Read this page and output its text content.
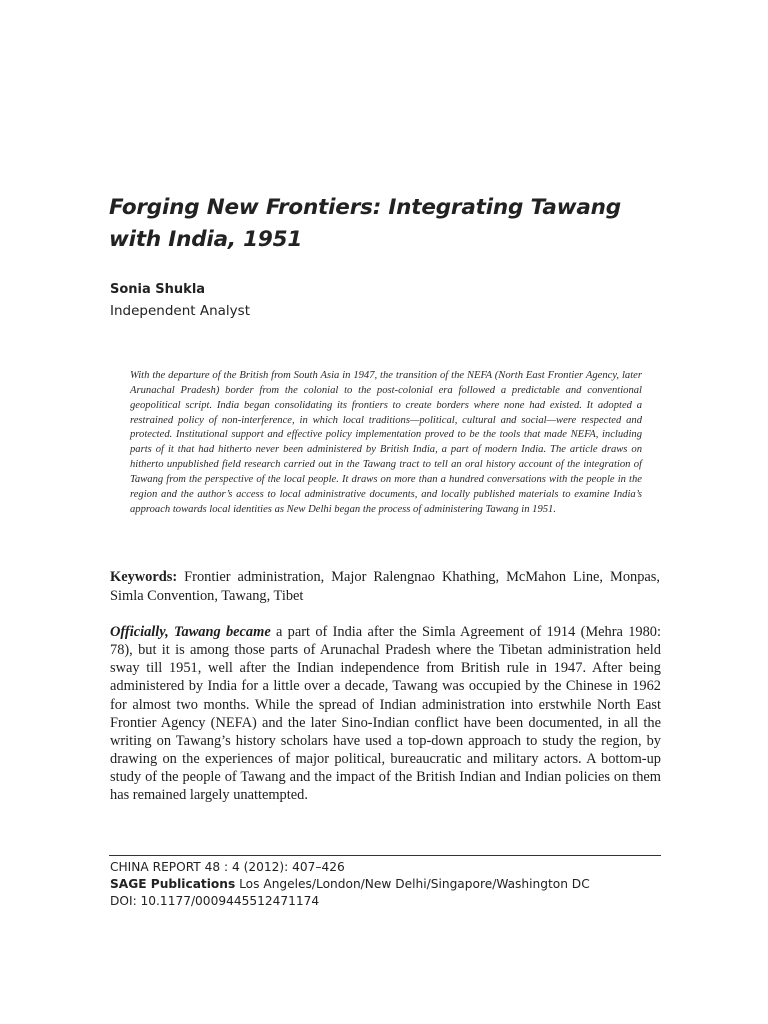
Forging New Frontiers: Integrating Tawang with India, 1951

Sonia Shukla

Independent Analyst

With the departure of the British from South Asia in 1947, the transition of the NEFA (North East Frontier Agency, later Arunachal Pradesh) border from the colonial to the post-colonial era followed a predictable and conventional geopolitical script. India began consolidating its frontiers to create borders where none had existed. It adopted a restrained policy of non-interference, in which local traditions—political, cultural and social—were respected and protected. Institutional support and effective policy implementation proved to be the tools that made NEFA, including parts of it that had hitherto never been administered by British India, a part of modern India. The article draws on hitherto unpublished field research carried out in the Tawang tract to tell an oral history account of the integration of Tawang from the perspective of the local people. It draws on more than a hundred conversations with the people in the region and the author’s access to local administrative documents, and locally published materials to examine India’s approach towards local identities as New Delhi began the process of administering Tawang in 1951.

Keywords: Frontier administration, Major Ralengnao Khathing, McMahon Line, Monpas, Simla Convention, Tawang, Tibet

Officially, Tawang became a part of India after the Simla Agreement of 1914 (Mehra 1980: 78), but it is among those parts of Arunachal Pradesh where the Tibetan administration held sway till 1951, well after the Indian independence from British rule in 1947. After being administered by India for a little over a decade, Tawang was occupied by the Chinese in 1962 for almost two months. While the spread of Indian administration into erstwhile North East Frontier Agency (NEFA) and the later Sino-Indian conflict have been documented, in all the writing on Tawang’s history scholars have used a top-down approach to study the region, by drawing on the experiences of major political, bureaucratic and military actors. A bottom-up study of the people of Tawang and the impact of the British Indian and Indian policies on them has remained largely unattempted.

CHINA REPORT 48 : 4 (2012): 407–426
SAGE Publications Los Angeles/London/New Delhi/Singapore/Washington DC
DOI: 10.1177/0009445512471174
